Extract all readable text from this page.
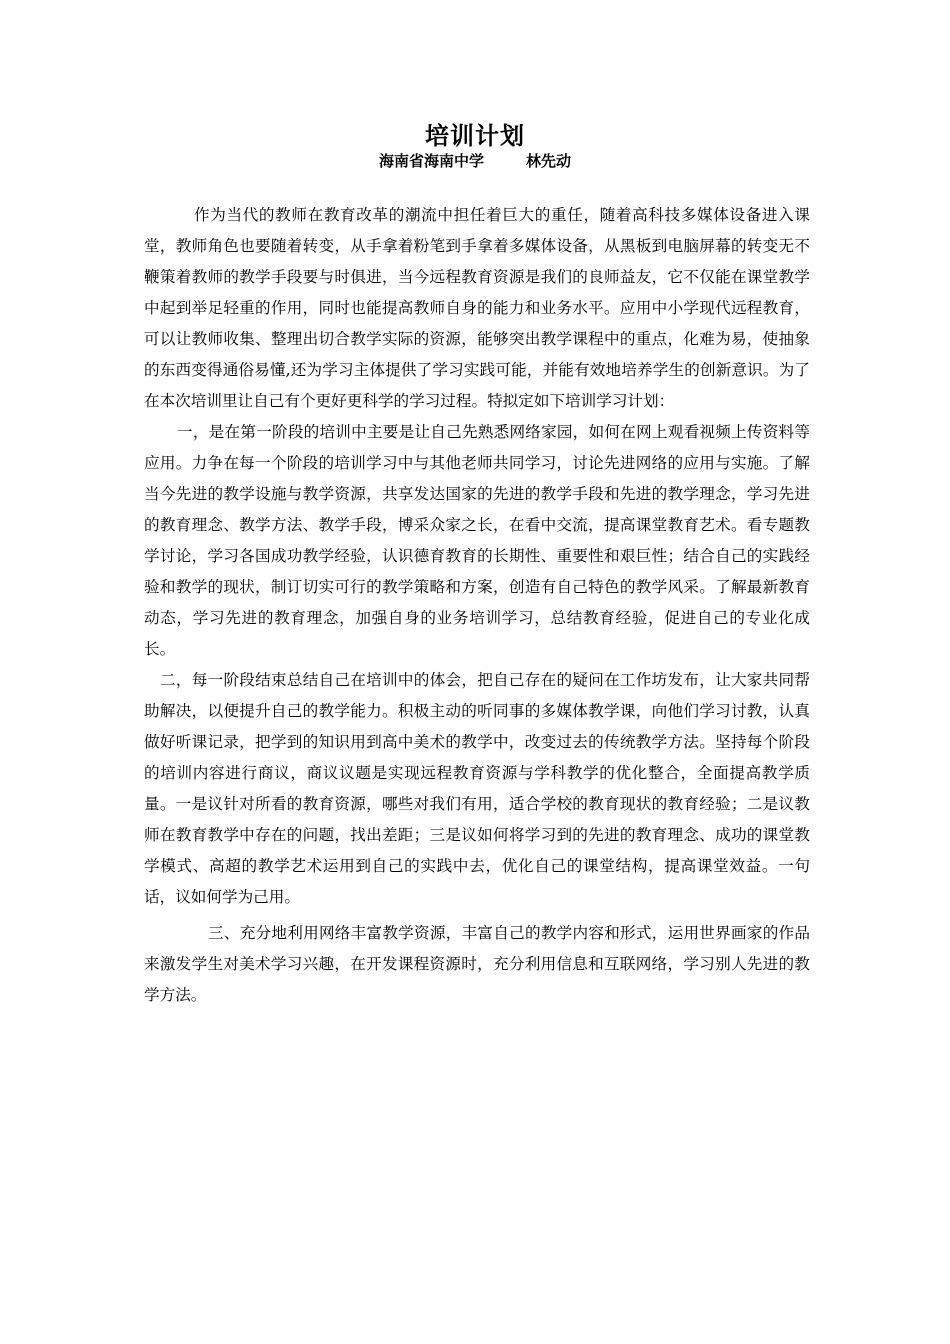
培训计划
海南省海南中学	林先动

作为当代的教师在教育改革的潮流中担任着巨大的重任，随着高科技多媒体设备进入课堂，教师角色也要随着转变，从手拿着粉笔到手拿着多媒体设备，从黑板到电脑屏幕的转变无不鞭策着教师的教学手段要与时俱进，当今远程教育资源是我们的良师益友，它不仅能在课堂教学中起到举足轻重的作用，同时也能提高教师自身的能力和业务水平。应用中小学现代远程教育，可以让教师收集、整理出切合教学实际的资源，能够突出教学课程中的重点，化难为易，使抽象的东西变得通俗易懂,还为学习主体提供了学习实践可能，并能有效地培养学生的创新意识。为了在本次培训里让自己有个更好更科学的学习过程。特拟定如下培训学习计划：

一，是在第一阶段的培训中主要是让自己先熟悉网络家园，如何在网上观看视频上传资料等应用。力争在每一个阶段的培训学习中与其他老师共同学习，讨论先进网络的应用与实施。了解当今先进的教学设施与教学资源，共享发达国家的先进的教学手段和先进的教学理念，学习先进的教育理念、教学方法、教学手段，博采众家之长，在看中交流，提高课堂教育艺术。看专题教学讨论，学习各国成功教学经验，认识德育教育的长期性、重要性和艰巨性；结合自己的实践经验和教学的现状，制订切实可行的教学策略和方案，创造有自己特色的教学风采。了解最新教育动态，学习先进的教育理念，加强自身的业务培训学习，总结教育经验，促进自己的专业化成长。

二，每一阶段结束总结自己在培训中的体会，把自己存在的疑问在工作坊发布，让大家共同帮助解决，以便提升自己的教学能力。积极主动的听同事的多媒体教学课，向他们学习讨教，认真做好听课记录，把学到的知识用到高中美术的教学中，改变过去的传统教学方法。坚持每个阶段的培训内容进行商议，商议议题是实现远程教育资源与学科教学的优化整合，全面提高教学质量。一是议针对所看的教育资源，哪些对我们有用，适合学校的教育现状的教育经验；二是议教师在教育教学中存在的问题，找出差距；三是议如何将学习到的先进的教育理念、成功的课堂教学模式、高超的教学艺术运用到自己的实践中去，优化自己的课堂结构，提高课堂效益。一句话，议如何学为己用。

三、充分地利用网络丰富教学资源，丰富自己的教学内容和形式，运用世界画家的作品来激发学生对美术学习兴趣，在开发课程资源时，充分利用信息和互联网络，学习别人先进的教学方法。
